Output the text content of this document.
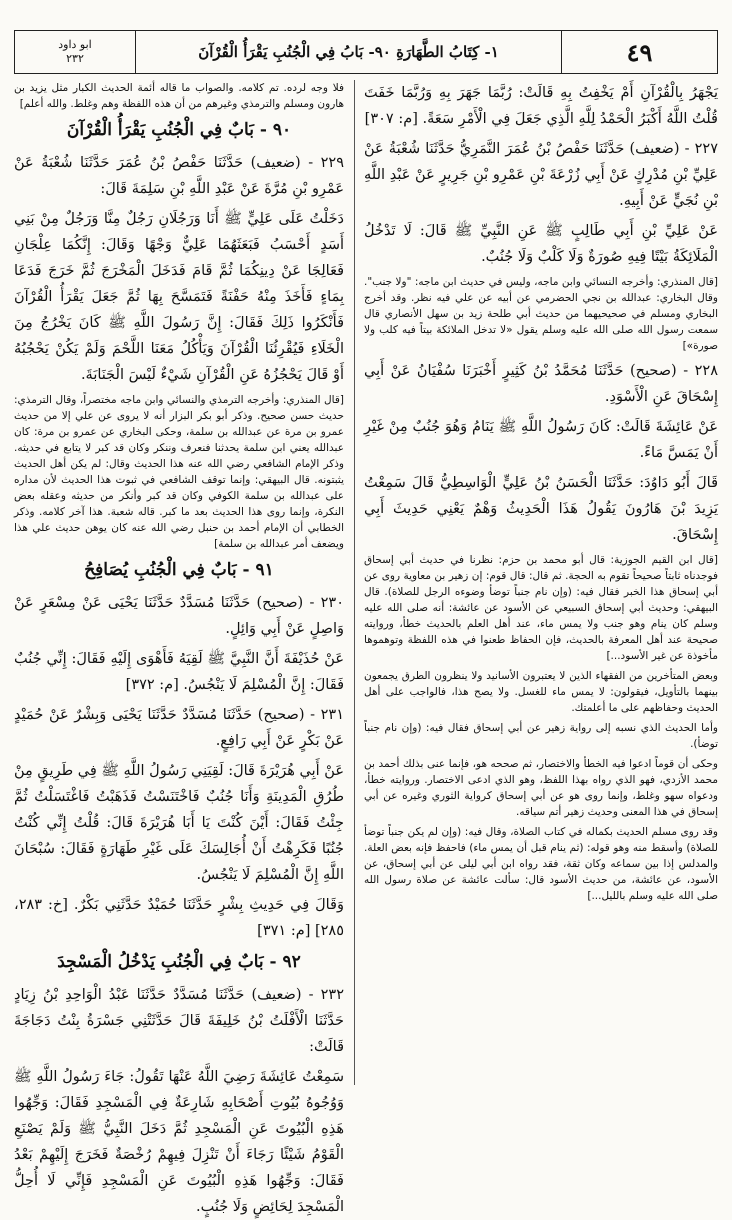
٤٩
١- كِتَابُ الطَّهَارَةِ ٩٠- بَابُ فِي الْجُنُبِ يَقْرَأُ الْقُرْآنَ
ابو داود
٢٣٢

يَجْهَرُ بِالْقُرْآنِ أَمْ يَخْفِتُ بِهِ قَالَتْ: رُبَّمَا جَهَرَ بِهِ وَرُبَّمَا خَفَتَ قُلْتُ اللَّهُ أَكْبَرُ الْحَمْدُ لِلَّهِ الَّذِي جَعَلَ فِي الْأَمْرِ سَعَةً. [م: ٣٠٧]

٢٢٧ - (ضعيف) حَدَّثَنَا حَفْصُ بْنُ عُمَرَ النَّمَرِيُّ حَدَّثَنَا شُعْبَةُ عَنْ عَلِيِّ بْنِ مُدْرِكٍ عَنْ أَبِي زُرْعَةَ بْنِ عَمْرِو بْنِ جَرِيرٍ عَنْ عَبْدِ اللَّهِ بْنِ نُجَيٍّ عَنْ أَبِيهِ.

عَنْ عَلِيِّ بْنِ أَبِي طَالِبٍ ﷺ عَنِ النَّبِيِّ ﷺ قَالَ: لَا تَدْخُلُ الْمَلَائِكَةُ بَيْتًا فِيهِ صُورَةٌ وَلَا كَلْبٌ وَلَا جُنُبٌ.

[قال المنذري: وأخرجه النسائي وابن ماجه، وليس في حديث ابن ماجه: "ولا جنب". وقال البخاري: عبدالله بن نجي الحضرمي عن أبيه عن علي فيه نظر. وقد أخرج البخاري ومسلم في صحيحيهما من حديث أبي طلحة زيد بن سهل الأنصاري قال سمعت رسول الله صلى الله عليه وسلم يقول «لا تدخل الملائكة بيتاً فيه كلب ولا صورة»]

٢٢٨ - (صحيح) حَدَّثَنَا مُحَمَّدُ بْنُ كَثِيرٍ أَخْبَرَنَا سُفْيَانُ عَنْ أَبِي إِسْحَاقَ عَنِ الْأَسْوَدِ.

عَنْ عَائِشَةَ قَالَتْ: كَانَ رَسُولُ اللَّهِ ﷺ يَنَامُ وَهُوَ جُنُبٌ مِنْ غَيْرِ أَنْ يَمَسَّ مَاءً.

قَالَ أَبُو دَاوُدَ: حَدَّثَنَا الْحَسَنُ بْنُ عَلِيٍّ الْوَاسِطِيُّ قَالَ سَمِعْتُ يَزِيدَ بْنَ هَارُونَ يَقُولُ هَذَا الْحَدِيثُ وَهْمٌ يَعْنِي حَدِيثَ أَبِي إِسْحَاقَ.

[قال ابن القيم الجوزية: قال أبو محمد بن حزم: نظرنا في حديث أبي إسحاق فوجدناه ثابتاً صحيحاً تقوم به الحجة. ثم قال: قال قوم: إن زهير بن معاوية روى عن أبي إسحاق هذا الخبر فقال فيه: (وإن نام جنباً توضأ وضوءه الرجل للصلاة). قال البيهقي: وحديث أبي إسحاق السبيعي عن الأسود عن عائشة: أنه صلى الله عليه وسلم كان ينام وهو جنب ولا يمس ماء، عند أهل العلم بالحديث خطأ، وروايته صحيحة عند أهل المعرفة بالحديث، فإن الحفاظ طعنوا في هذه اللفظة وتوهموها مأخوذة عن غير الأسود...]

وبعض المتأخرين من الفقهاء الذين لا يعتبرون الأسانيد ولا ينظرون الطرق يجمعون بينهما بالتأويل، فيقولون: لا يمس ماء للغسل. ولا يصح هذا، فالواجب على أهل الحديث وحفاظهم على ما أعلمتك.

وأما الحديث الذي نسبه إلى رواية زهير عن أبي إسحاق فقال فيه: (وإن نام جنباً توضأ).

وحكى أن قوماً ادعوا فيه الخطأ والاختصار، ثم صححه هو، فإنما عنى بذلك أحمد بن محمد الأزدي، فهو الذي رواه بهذا اللفظ، وهو الذي ادعى الاختصار. وروايته خطأ، ودعواه سهو وغلط، وإنما روى هو عن أبي إسحاق كرواية الثوري وغيره عن أبي إسحاق في هذا المعنى وحديث زهير أتم سياقه.

وقد روى مسلم الحديث بكماله في كتاب الصلاة، وقال فيه: (وإن لم يكن جنباً توضأ للصلاة) وأسقط منه وهو قوله: (ثم ينام قبل أن يمس ماء) فاحفظ فإنه بعض العلة. والمدلس إذا بين سماعه وكان ثقة، فقد رواه ابن أبي ليلى عن أبي إسحاق، عن الأسود، عن عائشة، من حديث الأسود قال: سألت عائشة عن صلاة رسول الله صلى الله عليه وسلم بالليل...]

فلا وجه لرده. تم كلامه. والصواب ما قاله أئمة الحديث الكبار مثل يزيد بن هارون ومسلم والترمذي وغيرهم من أن هذه اللفظة وهم وغلط. والله أعلم]

٩٠ - بَابٌ فِي الْجُنُبِ يَقْرَأُ الْقُرْآنَ

٢٢٩ - (ضعيف) حَدَّثَنَا حَفْصُ بْنُ عُمَرَ حَدَّثَنَا شُعْبَةُ عَنْ عَمْرِو بْنِ مُرَّةَ عَنْ عَبْدِ اللَّهِ بْنِ سَلِمَةَ قَالَ:

دَخَلْتُ عَلَى عَلِيٍّ ﷺ أَنَا وَرَجُلَانِ رَجُلٌ مِنَّا وَرَجُلٌ مِنْ بَنِي أَسَدٍ أَحْسَبُ فَبَعَثَهُمَا عَلِيٌّ وَجْهًا وَقَالَ: إِنَّكُمَا عِلْجَانِ فَعَالِجَا عَنْ دِينِكُمَا ثُمَّ قَامَ فَدَخَلَ الْمَخْرَجَ ثُمَّ خَرَجَ فَدَعَا بِمَاءٍ فَأَخَذَ مِنْهُ حَفْنَةً فَتَمَسَّحَ بِهَا ثُمَّ جَعَلَ يَقْرَأُ الْقُرْآنَ فَأَنْكَرُوا ذَلِكَ فَقَالَ: إِنَّ رَسُولَ اللَّهِ ﷺ كَانَ يَخْرُجُ مِنَ الْخَلَاءِ فَيُقْرِئُنَا الْقُرْآنَ وَيَأْكُلُ مَعَنَا اللَّحْمَ وَلَمْ يَكُنْ يَحْجُبُهُ أَوْ قَالَ يَحْجُزُهُ عَنِ الْقُرْآنِ شَيْءٌ لَيْسَ الْجَنَابَةَ.

[قال المنذري: وأخرجه الترمذي والنسائي وابن ماجه مختصراً، وقال الترمذي: حديث حسن صحيح. وذكر أبو بكر البزار أنه لا يروى عن علي إلا من حديث عمرو بن مرة عن عبدالله بن سلمة، وحكى البخاري عن عمرو بن مرة: كان عبدالله يعني ابن سلمة يحدثنا فنعرف وننكر وكان قد كبر لا يتابع في حديثه. وذكر الإمام الشافعي رضي الله عنه هذا الحديث وقال: لم يكن أهل الحديث يثبتونه. قال البيهقي: وإنما توقف الشافعي في ثبوت هذا الحديث لأن مداره على عبدالله بن سلمة الكوفي وكان قد كبر وأنكر من حديثه وعقله بعض النكرة، وإنما روى هذا الحديث بعد ما كبر. قاله شعبة. هذا آخر كلامه. وذكر الخطابي أن الإمام أحمد بن حنبل رضي الله عنه كان يوهن حديث علي هذا ويضعف أمر عبدالله بن سلمة]

٩١ - بَابٌ فِي الْجُنُبِ يُصَافِحُ

٢٣٠ - (صحيح) حَدَّثَنَا مُسَدَّدٌ حَدَّثَنَا يَحْيَى عَنْ مِسْعَرٍ عَنْ وَاصِلٍ عَنْ أَبِي وَائِلٍ.

عَنْ حُذَيْفَةَ أَنَّ النَّبِيَّ ﷺ لَقِيَهُ فَأَهْوَى إِلَيْهِ فَقَالَ: إِنِّي جُنُبٌ فَقَالَ: إِنَّ الْمُسْلِمَ لَا يَنْجُسُ. [م: ٣٧٢]

٢٣١ - (صحيح) حَدَّثَنَا مُسَدَّدٌ حَدَّثَنَا يَحْيَى وَبِشْرٌ عَنْ حُمَيْدٍ عَنْ بَكْرٍ عَنْ أَبِي رَافِعٍ.

عَنْ أَبِي هُرَيْرَةَ قَالَ: لَقِيَنِي رَسُولُ اللَّهِ ﷺ فِي طَرِيقٍ مِنْ طُرُقِ الْمَدِينَةِ وَأَنَا جُنُبٌ فَاخْتَنَسْتُ فَذَهَبْتُ فَاغْتَسَلْتُ ثُمَّ جِئْتُ فَقَالَ: أَيْنَ كُنْتَ يَا أَبَا هُرَيْرَةَ قَالَ: قُلْتُ إِنِّي كُنْتُ جُنُبًا فَكَرِهْتُ أَنْ أُجَالِسَكَ عَلَى غَيْرِ طَهَارَةٍ فَقَالَ: سُبْحَانَ اللَّهِ إِنَّ الْمُسْلِمَ لَا يَنْجُسُ.

وَقَالَ فِي حَدِيثِ بِشْرٍ حَدَّثَنَا حُمَيْدٌ حَدَّثَنِي بَكْرٌ. [خ: ٢٨٣، ٢٨٥] [م: ٣٧١]

٩٢ - بَابٌ فِي الْجُنُبِ يَدْخُلُ الْمَسْجِدَ

٢٣٢ - (ضعيف) حَدَّثَنَا مُسَدَّدٌ حَدَّثَنَا عَبْدُ الْوَاحِدِ بْنُ زِيَادٍ حَدَّثَنَا الْأَفْلَتُ بْنُ خَلِيفَةَ قَالَ حَدَّثَتْنِي جَسْرَةُ بِنْتُ دَجَاجَةَ قَالَتْ:

سَمِعْتُ عَائِشَةَ رَضِيَ اللَّهُ عَنْهَا تَقُولُ: جَاءَ رَسُولُ اللَّهِ ﷺ وَوُجُوهُ بُيُوتِ أَصْحَابِهِ شَارِعَةٌ فِي الْمَسْجِدِ فَقَالَ: وَجِّهُوا هَذِهِ الْبُيُوتَ عَنِ الْمَسْجِدِ ثُمَّ دَخَلَ النَّبِيُّ ﷺ وَلَمْ يَصْنَعِ الْقَوْمُ شَيْئًا رَجَاءَ أَنْ تَنْزِلَ فِيهِمْ رُخْصَةٌ فَخَرَجَ إِلَيْهِمْ بَعْدُ فَقَالَ: وَجِّهُوا هَذِهِ الْبُيُوتَ عَنِ الْمَسْجِدِ فَإِنِّي لَا أُحِلُّ الْمَسْجِدَ لِحَائِضٍ وَلَا جُنُبٍ.
